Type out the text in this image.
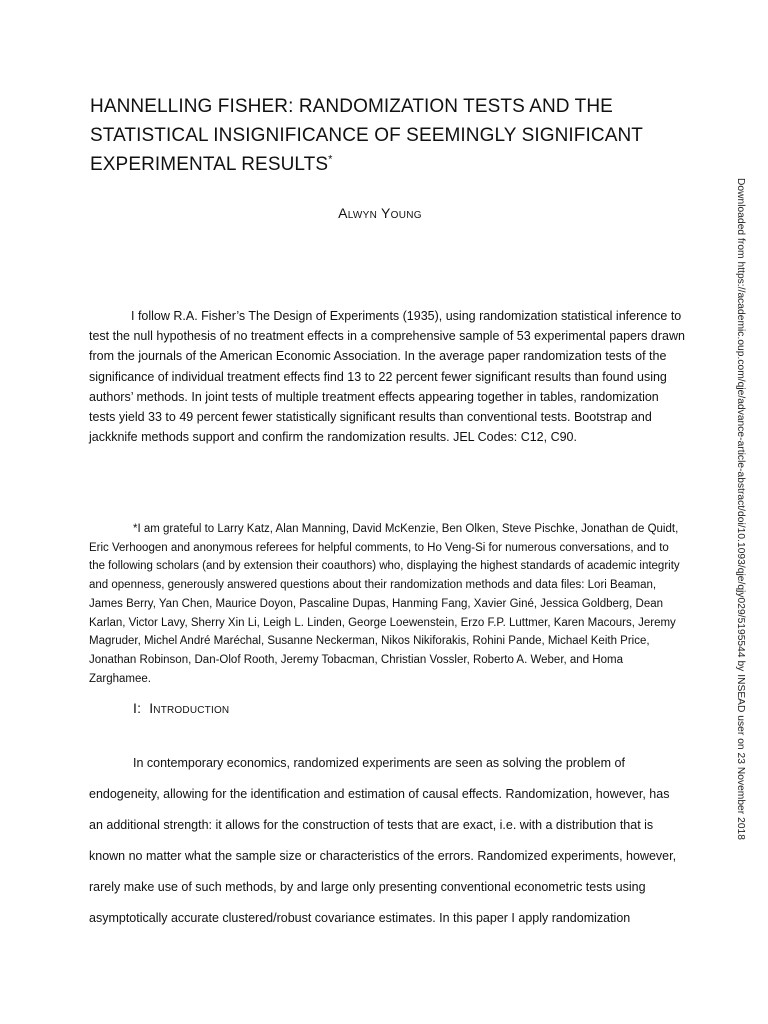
HANNELLING FISHER: RANDOMIZATION TESTS AND THE STATISTICAL INSIGNIFICANCE OF SEEMINGLY SIGNIFICANT EXPERIMENTAL RESULTS*
Alwyn Young

I follow R.A. Fisher’s The Design of Experiments (1935), using randomization statistical inference to test the null hypothesis of no treatment effects in a comprehensive sample of 53 experimental papers drawn from the journals of the American Economic Association. In the average paper randomization tests of the significance of individual treatment effects find 13 to 22 percent fewer significant results than found using authors’ methods. In joint tests of multiple treatment effects appearing together in tables, randomization tests yield 33 to 49 percent fewer statistically significant results than conventional tests. Bootstrap and jackknife methods support and confirm the randomization results. JEL Codes: C12, C90.

*I am grateful to Larry Katz, Alan Manning, David McKenzie, Ben Olken, Steve Pischke, Jonathan de Quidt, Eric Verhoogen and anonymous referees for helpful comments, to Ho Veng-Si for numerous conversations, and to the following scholars (and by extension their coauthors) who, displaying the highest standards of academic integrity and openness, generously answered questions about their randomization methods and data files: Lori Beaman, James Berry, Yan Chen, Maurice Doyon, Pascaline Dupas, Hanming Fang, Xavier Giné, Jessica Goldberg, Dean Karlan, Victor Lavy, Sherry Xin Li, Leigh L. Linden, George Loewenstein, Erzo F.P. Luttmer, Karen Macours, Jeremy Magruder, Michel André Maréchal, Susanne Neckerman, Nikos Nikiforakis, Rohini Pande, Michael Keith Price, Jonathan Robinson, Dan-Olof Rooth, Jeremy Tobacman, Christian Vossler, Roberto A. Weber, and Homa Zarghamee.

I: Introduction

In contemporary economics, randomized experiments are seen as solving the problem of endogeneity, allowing for the identification and estimation of causal effects. Randomization, however, has an additional strength: it allows for the construction of tests that are exact, i.e. with a distribution that is known no matter what the sample size or characteristics of the errors. Randomized experiments, however, rarely make use of such methods, by and large only presenting conventional econometric tests using asymptotically accurate clustered/robust covariance estimates. In this paper I apply randomization

Downloaded from https://academic.oup.com/qje/advance-article-abstract/doi/10.1093/qje/qjy029/5195544 by INSEAD user on 23 November 2018
